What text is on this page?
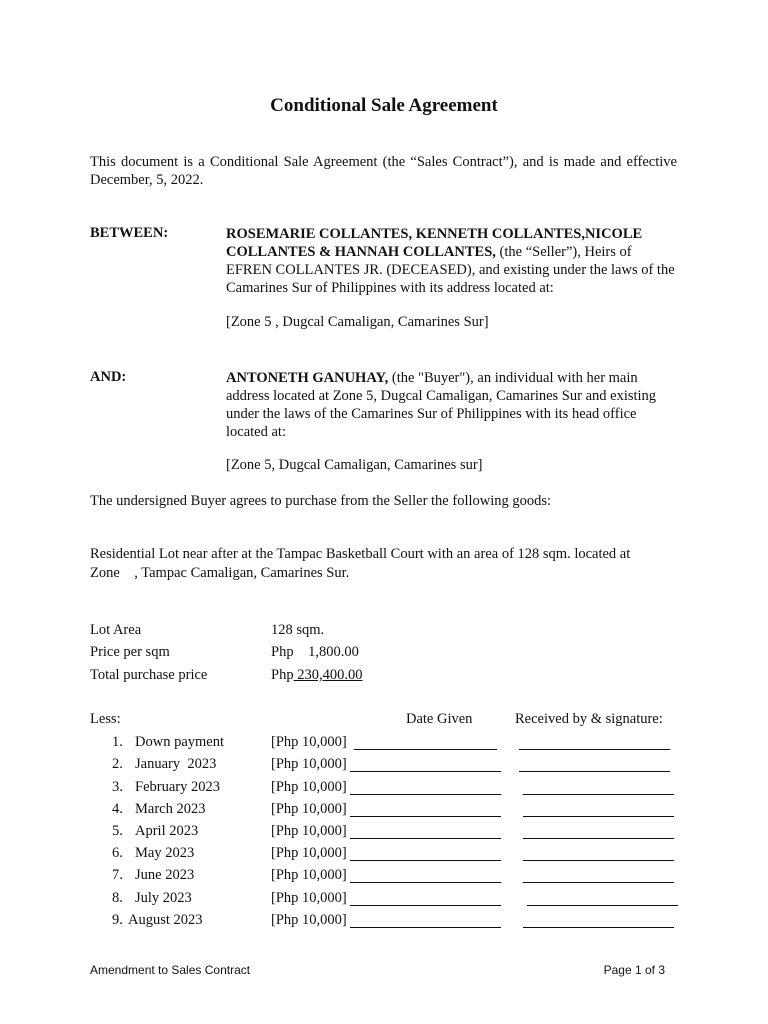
Conditional Sale Agreement
This document is a Conditional Sale Agreement (the “Sales Contract”), and is made and effective December, 5, 2022.
BETWEEN:	ROSEMARIE COLLANTES, KENNETH COLLANTES,NICOLE COLLANTES & HANNAH COLLANTES, (the “Seller”), Heirs of EFREN COLLANTES JR. (DECEASED), and existing under the laws of the Camarines Sur of Philippines with its address located at:
[Zone 5 , Dugcal Camaligan, Camarines Sur]
AND:	ANTONETH GANUHAY, (the "Buyer"), an individual with her main address located at Zone 5, Dugcal Camaligan, Camarines Sur and existing under the laws of the Camarines Sur of Philippines with its head office located at:
[Zone 5, Dugcal Camaligan, Camarines sur]
The undersigned Buyer agrees to purchase from the Seller the following goods:
Residential Lot near after at the Tampac Basketball Court with an area of 128 sqm. located at
Zone    , Tampac Camaligan, Camarines Sur.
Lot Area	128 sqm.
Price per sqm	Php    1,800.00
Total purchase price	Php 230,400.00
Less:	Date Given	Received by & signature:
1. Down payment	[Php 10,000]
2. January  2023	[Php 10,000]
3. February 2023	[Php 10,000]
4. March 2023	[Php 10,000]
5. April 2023	[Php 10,000]
6. May 2023	[Php 10,000]
7. June 2023	[Php 10,000]
8. July 2023	[Php 10,000]
9. August 2023	[Php 10,000]
Amendment to Sales Contract	Page 1 of 3
